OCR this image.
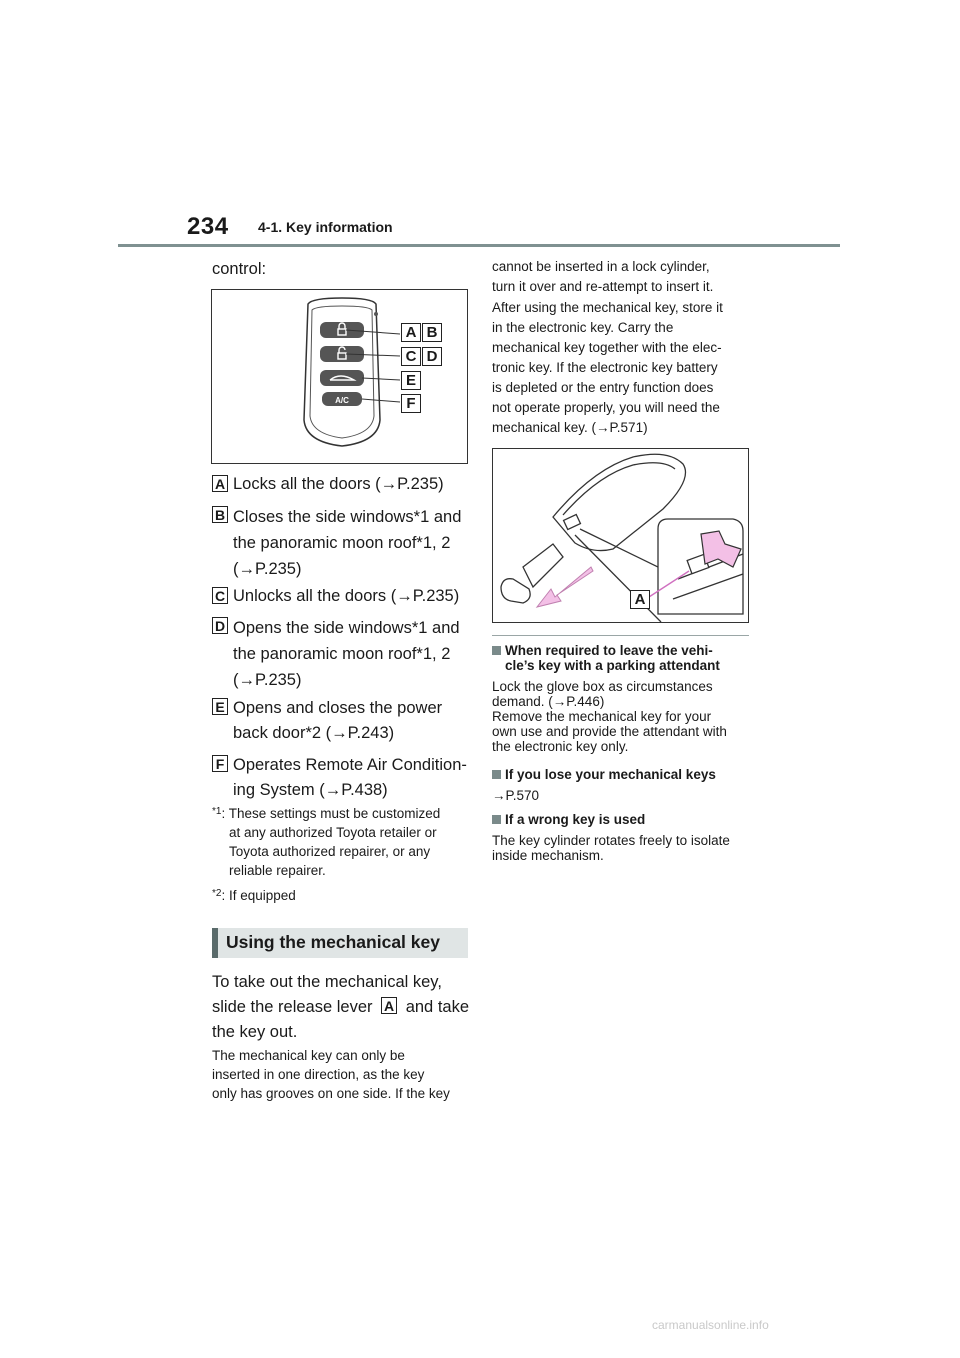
234 4-1. Key information
control:
A/C
A B
C D
E
F
A Locks all the doors (→P.235)
B Closes the side windows*1 and
the panoramic moon roof*1, 2
(→P.235)
C Unlocks all the doors (→P.235)
D Opens the side windows*1 and
the panoramic moon roof*1, 2
(→P.235)
E Opens and closes the power
back door*2 (→P.243)
F Operates Remote Air Condition-
ing System (→P.438)
$^{*1}$: These settings must be customized
at any authorized Toyota retailer or
Toyota authorized repairer, or any
reliable repairer.
$^{*2}$: If equipped
Using the mechanical key
To take out the mechanical key,
slide the release lever A and take
the key out.
The mechanical key can only be
inserted in one direction, as the key
only has grooves on one side. If the key
cannot be inserted in a lock cylinder,
turn it over and re-attempt to insert it.
After using the mechanical key, store it
in the electronic key. Carry the
mechanical key together with the elec-
tronic key. If the electronic key battery
is depleted or the entry function does
not operate properly, you will need the
mechanical key. (→P.571)
A
When required to leave the vehi-
cle’s key with a parking attendant
Lock the glove box as circumstances
demand. (→P.446)
Remove the mechanical key for your
own use and provide the attendant with
the electronic key only.
If you lose your mechanical keys
→P.570
If a wrong key is used
The key cylinder rotates freely to isolate
inside mechanism.
carmanualsonline.info
